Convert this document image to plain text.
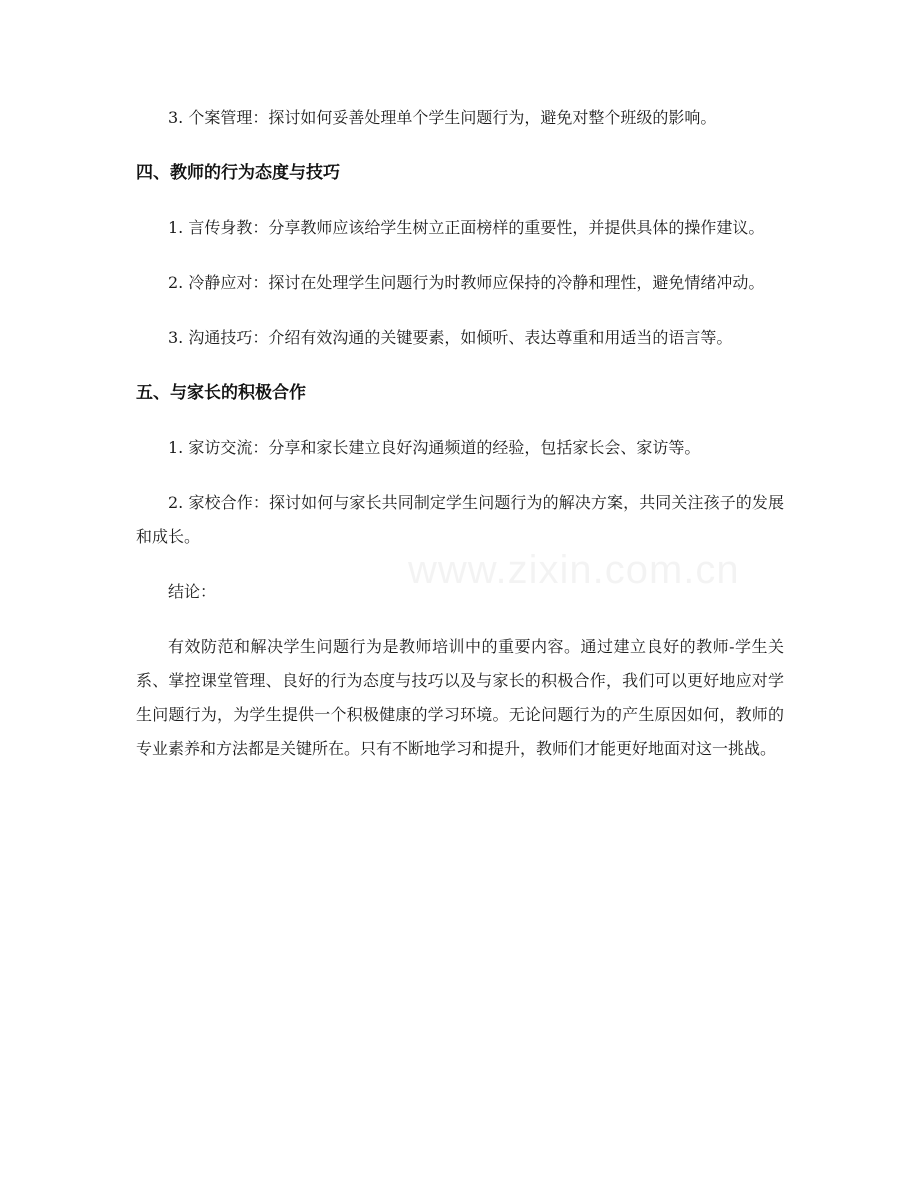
3. 个案管理：探讨如何妥善处理单个学生问题行为，避免对整个班级的影响。

四、教师的行为态度与技巧

1. 言传身教：分享教师应该给学生树立正面榜样的重要性，并提供具体的操作建议。

2. 冷静应对：探讨在处理学生问题行为时教师应保持的冷静和理性，避免情绪冲动。

3. 沟通技巧：介绍有效沟通的关键要素，如倾听、表达尊重和用适当的语言等。

五、与家长的积极合作

1. 家访交流：分享和家长建立良好沟通频道的经验，包括家长会、家访等。

2. 家校合作：探讨如何与家长共同制定学生问题行为的解决方案，共同关注孩子的发展和成长。

结论：

有效防范和解决学生问题行为是教师培训中的重要内容。通过建立良好的教师-学生关系、掌控课堂管理、良好的行为态度与技巧以及与家长的积极合作，我们可以更好地应对学生问题行为，为学生提供一个积极健康的学习环境。无论问题行为的产生原因如何，教师的专业素养和方法都是关键所在。只有不断地学习和提升，教师们才能更好地面对这一挑战。
